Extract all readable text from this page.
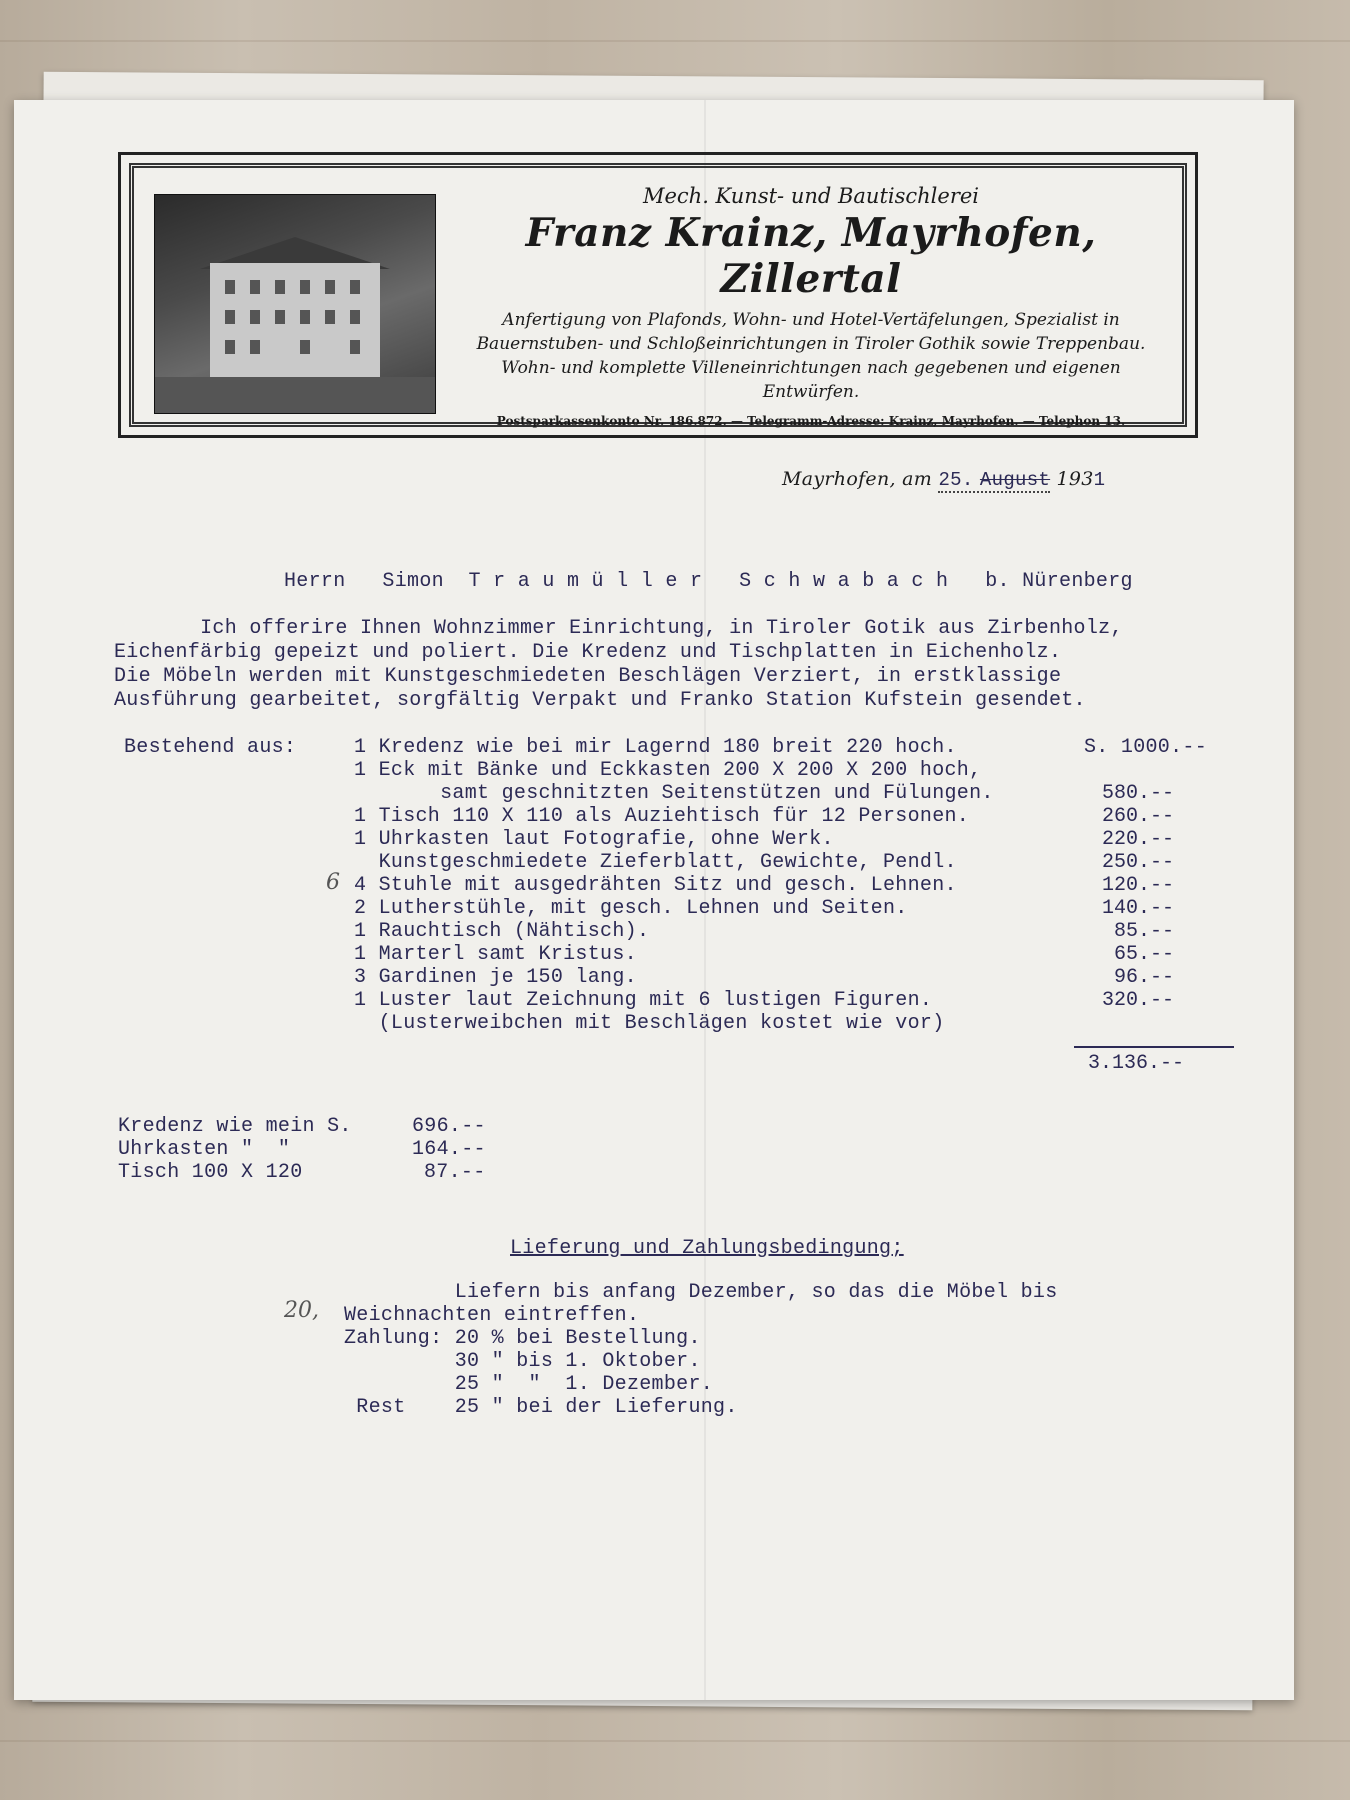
Mech. Kunst- und Bautischlerei
Franz Krainz, Mayrhofen, Zillertal
Anfertigung von Plafonds, Wohn- und Hotel-Vertäfelungen, Spezialist in Bauernstuben- und Schloßeinrichtungen in Tiroler Gothik sowie Treppenbau. Wohn- und komplette Villeneinrichtungen nach gegebenen und eigenen Entwürfen.
Postsparkassenkonto Nr. 186.872. — Telegramm-Adresse: Krainz, Mayrhofen. — Telephon 13.
Mayrhofen, am 25. August 1931
Herrn   Simon  T r a u m ü l l e r   S c h w a b a c h   b. Nürenberg
Ich offerire Ihnen Wohnzimmer Einrichtung, in Tiroler Gotik aus Zirbenholz,
Eichenfärbig gepeizt und poliert. Die Kredenz und Tischplatten in Eichenholz.
Die Möbeln werden mit Kunstgeschmiedeten Beschlägen Verziert, in erstklassige
Ausführung gearbeitet, sorgfältig Verpakt und Franko Station Kufstein gesendet.
Bestehend aus:	1 Kredenz wie bei mir Lagernd 180 breit 220 hoch.	S. 1000.--
1 Eck mit Bänke und Eckkasten 200 X 200 X 200 hoch,
samt geschnitzten Seitenstützen und Fülungen.	580.--
1 Tisch 110 X 110 als Auziehtisch für 12 Personen.	260.--
1 Uhrkasten laut Fotografie, ohne Werk.	220.--
Kunstgeschmiedete Zieferblatt, Gewichte, Pendl.	250.--
6 4 Stuhle mit ausgedrähten Sitz und gesch. Lehnen.	120.--
2 Lutherstühle, mit gesch. Lehnen und Seiten.	140.--
1 Rauchtisch (Nähtisch).	85.--
1 Marterl samt Kristus.	65.--
3 Gardinen je 150 lang.	96.--
1 Luster laut Zeichnung mit 6 lustigen Figuren.	320.--
(Lusterweibchen mit Beschlägen kostet wie vor)
3.136.--
Kredenz wie mein S.	696.--
Uhrkasten "  "	164.--
Tisch 100 X 120	87.--
Lieferung und Zahlungsbedingung;
Liefern bis anfang Dezember, so das die Möbel bis
20, Weichnachten eintreffen.
Zahlung: 20 % bei Bestellung.
30 " bis 1. Oktober.
25 "  "  1. Dezember.
Rest    25 " bei der Lieferung.
